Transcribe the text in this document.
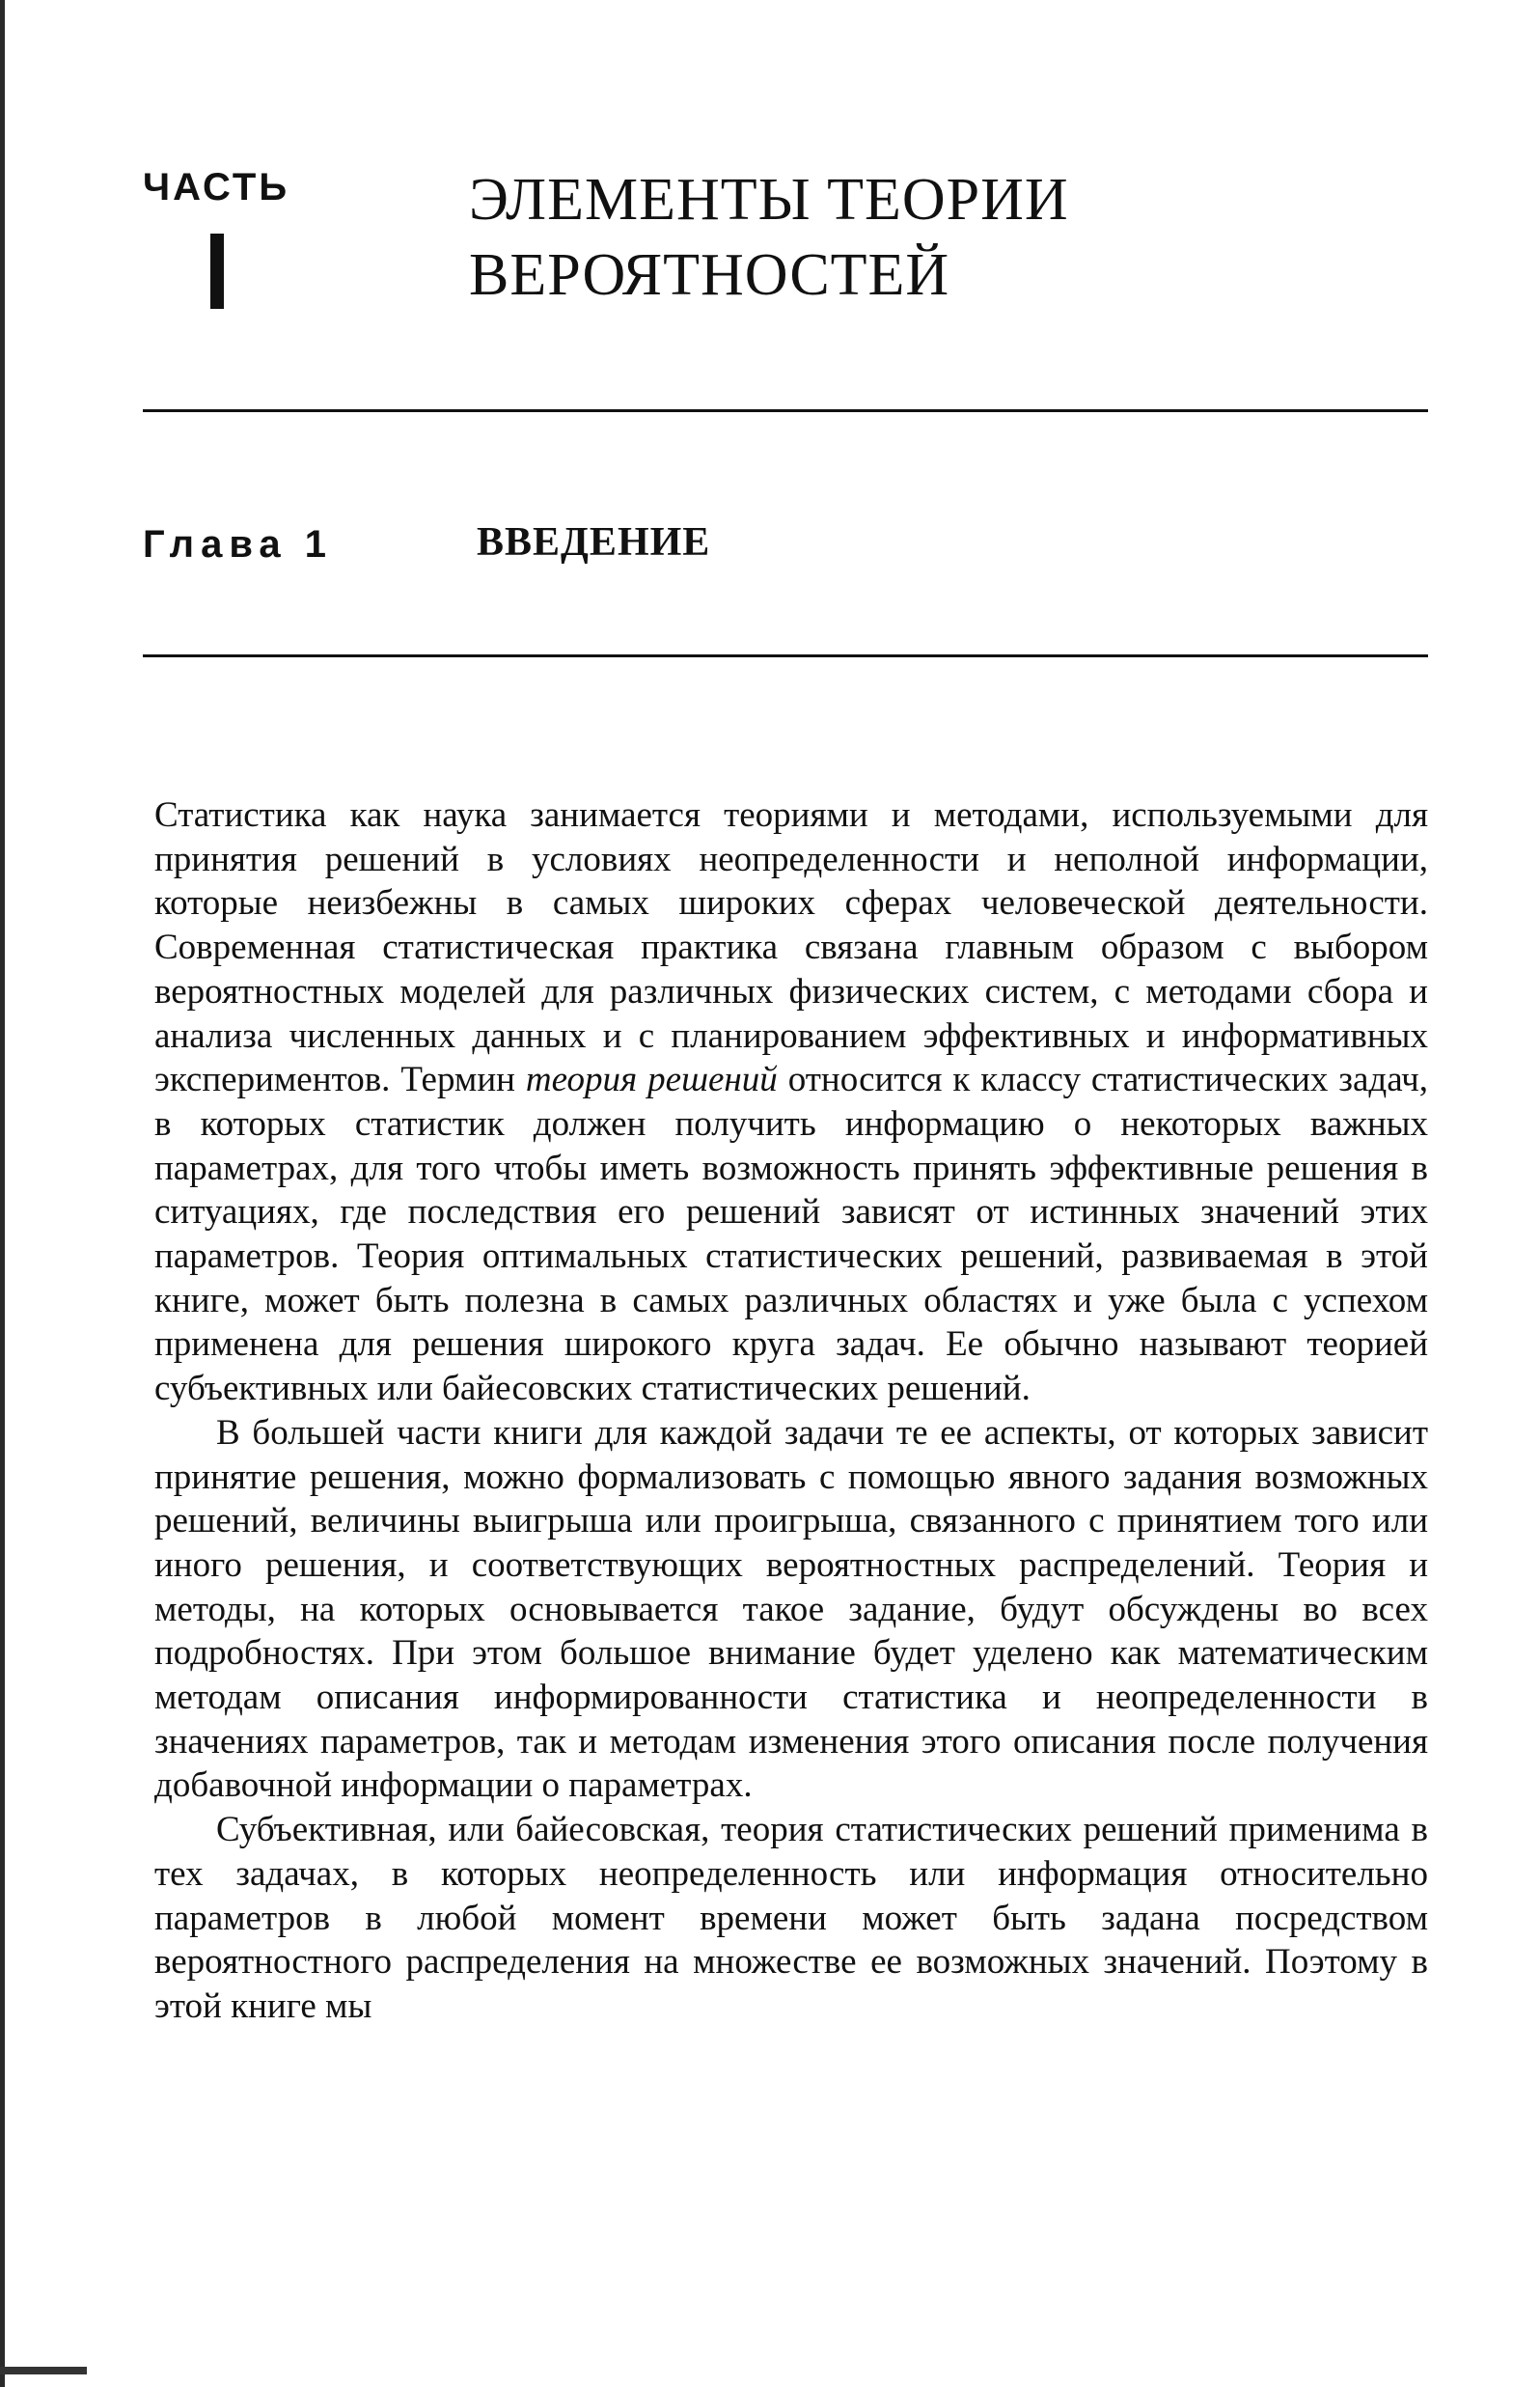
ЧАСТЬ	ЭЛЕМЕНТЫ ТЕОРИИ
ВЕРОЯТНОСТЕЙ
Глава 1	ВВЕДЕНИЕ

Статистика как наука занимается теориями и методами, используемыми для принятия решений в условиях неопределенности и неполной информации, которые неизбежны в самых широких сферах человеческой деятельности. Современная статистическая практика связана главным образом с выбором вероятностных моделей для различных физических систем, с методами сбора и анализа численных данных и с планированием эффективных и информативных экспериментов. Термин теория решений относится к классу статистических задач, в которых статистик должен получить информацию о некоторых важных параметрах, для того чтобы иметь возможность принять эффективные решения в ситуациях, где последствия его решений зависят от истинных значений этих параметров. Теория оптимальных статистических решений, развиваемая в этой книге, может быть полезна в самых различных областях и уже была с успехом применена для решения широкого круга задач. Ее обычно называют теорией субъективных или байесовских статистических решений.

В большей части книги для каждой задачи те ее аспекты, от которых зависит принятие решения, можно формализовать с помощью явного задания возможных решений, величины выигрыша или проигрыша, связанного с принятием того или иного решения, и соответствующих вероятностных распределений. Теория и методы, на которых основывается такое задание, будут обсуждены во всех подробностях. При этом большое внимание будет уделено как математическим методам описания информированности статистика и неопределенности в значениях параметров, так и методам изменения этого описания после получения добавочной информации о параметрах.

Субъективная, или байесовская, теория статистических решений применима в тех задачах, в которых неопределенность или информация относительно параметров в любой момент времени может быть задана посредством вероятностного распределения на множестве ее возможных значений. Поэтому в этой книге мы
